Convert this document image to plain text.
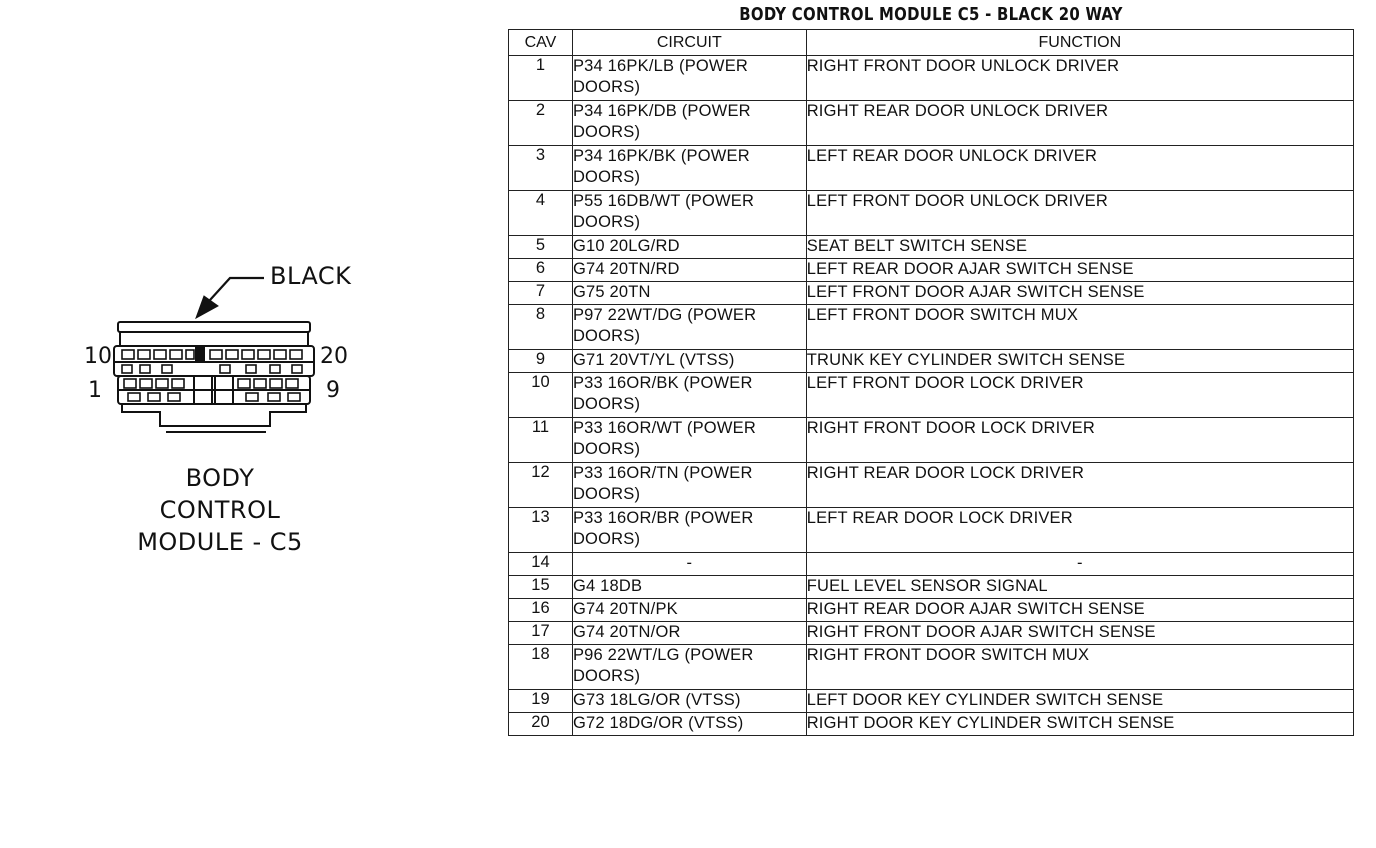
BLACK
10	20
1	9
BODY
CONTROL
MODULE - C5
BODY CONTROL MODULE C5 - BLACK 20 WAY
CAV	CIRCUIT	FUNCTION
1	P34 16PK/LB (POWER DOORS)	RIGHT FRONT DOOR UNLOCK DRIVER
2	P34 16PK/DB (POWER DOORS)	RIGHT REAR DOOR UNLOCK DRIVER
3	P34 16PK/BK (POWER DOORS)	LEFT REAR DOOR UNLOCK DRIVER
4	P55 16DB/WT (POWER DOORS)	LEFT FRONT DOOR UNLOCK DRIVER
5	G10 20LG/RD	SEAT BELT SWITCH SENSE
6	G74 20TN/RD	LEFT REAR DOOR AJAR SWITCH SENSE
7	G75 20TN	LEFT FRONT DOOR AJAR SWITCH SENSE
8	P97 22WT/DG (POWER DOORS)	LEFT FRONT DOOR SWITCH MUX
9	G71 20VT/YL (VTSS)	TRUNK KEY CYLINDER SWITCH SENSE
10	P33 16OR/BK (POWER DOORS)	LEFT FRONT DOOR LOCK DRIVER
11	P33 16OR/WT (POWER DOORS)	RIGHT FRONT DOOR LOCK DRIVER
12	P33 16OR/TN (POWER DOORS)	RIGHT REAR DOOR LOCK DRIVER
13	P33 16OR/BR (POWER DOORS)	LEFT REAR DOOR LOCK DRIVER
14	-	-
15	G4 18DB	FUEL LEVEL SENSOR SIGNAL
16	G74 20TN/PK	RIGHT REAR DOOR AJAR SWITCH SENSE
17	G74 20TN/OR	RIGHT FRONT DOOR AJAR SWITCH SENSE
18	P96 22WT/LG (POWER DOORS)	RIGHT FRONT DOOR SWITCH MUX
19	G73 18LG/OR (VTSS)	LEFT DOOR KEY CYLINDER SWITCH SENSE
20	G72 18DG/OR (VTSS)	RIGHT DOOR KEY CYLINDER SWITCH SENSE
